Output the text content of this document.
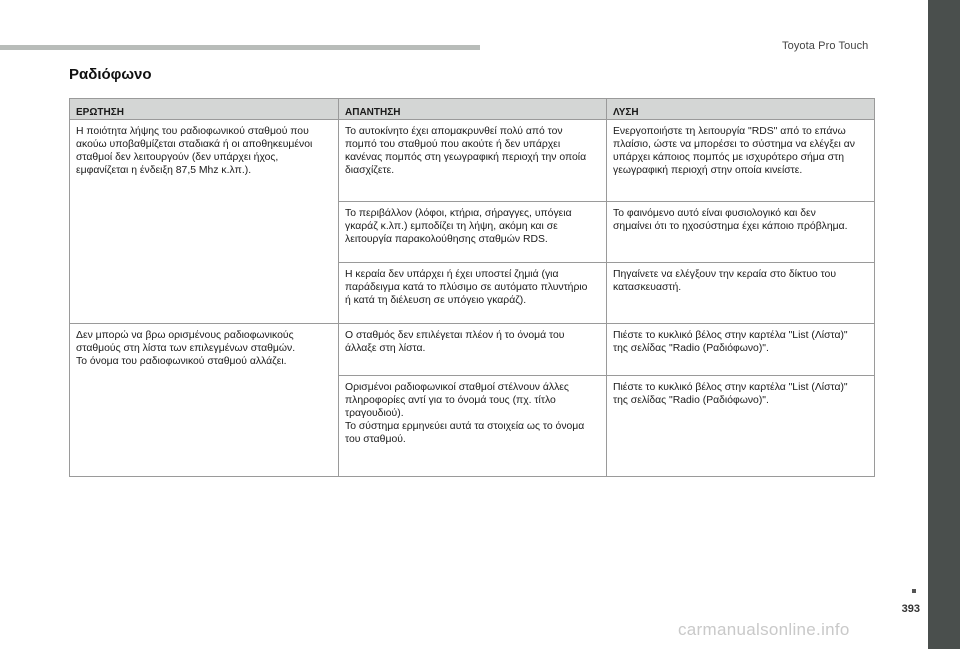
Toyota Pro Touch
Ραδιόφωνο
ΕΡΩΤΗΣΗ	ΑΠΑΝΤΗΣΗ	ΛΥΣΗ
Η ποιότητα λήψης του ραδιοφωνικού σταθμού που
ακούω υποβαθμίζεται σταδιακά ή οι αποθηκευμένοι
σταθμοί δεν λειτουργούν (δεν υπάρχει ήχος,
εμφανίζεται η ένδειξη 87,5 Mhz κ.λπ.).	Το αυτοκίνητο έχει απομακρυνθεί πολύ από τον
πομπό του σταθμού που ακούτε ή δεν υπάρχει
κανένας πομπός στη γεωγραφική περιοχή την οποία
διασχίζετε.	Ενεργοποιήστε τη λειτουργία "RDS" από το επάνω
πλαίσιο, ώστε να μπορέσει το σύστημα να ελέγξει αν
υπάρχει κάποιος πομπός με ισχυρότερο σήμα στη
γεωγραφική περιοχή στην οποία κινείστε.
	Το περιβάλλον (λόφοι, κτήρια, σήραγγες, υπόγεια
γκαράζ κ.λπ.) εμποδίζει τη λήψη, ακόμη και σε
λειτουργία παρακολούθησης σταθμών RDS.	Το φαινόμενο αυτό είναι φυσιολογικό και δεν
σημαίνει ότι το ηχοσύστημα έχει κάποιο πρόβλημα.
	Η κεραία δεν υπάρχει ή έχει υποστεί ζημιά (για
παράδειγμα κατά το πλύσιμο σε αυτόματο πλυντήριο
ή κατά τη διέλευση σε υπόγειο γκαράζ).	Πηγαίνετε να ελέγξουν την κεραία στο δίκτυο του
κατασκευαστή.
Δεν μπορώ να βρω ορισμένους ραδιοφωνικούς
σταθμούς στη λίστα των επιλεγμένων σταθμών.
Το όνομα του ραδιοφωνικού σταθμού αλλάζει.	Ο σταθμός δεν επιλέγεται πλέον ή το όνομά του
άλλαξε στη λίστα.	Πιέστε το κυκλικό βέλος στην καρτέλα "List (Λίστα)"
της σελίδας "Radio (Ραδιόφωνο)".
	Ορισμένοι ραδιοφωνικοί σταθμοί στέλνουν άλλες
πληροφορίες αντί για το όνομά τους (πχ. τίτλο
τραγουδιού).
Το σύστημα ερμηνεύει αυτά τα στοιχεία ως το όνομα
του σταθμού.	Πιέστε το κυκλικό βέλος στην καρτέλα "List (Λίστα)"
της σελίδας "Radio (Ραδιόφωνο)".
393
carmanualsonline.info
